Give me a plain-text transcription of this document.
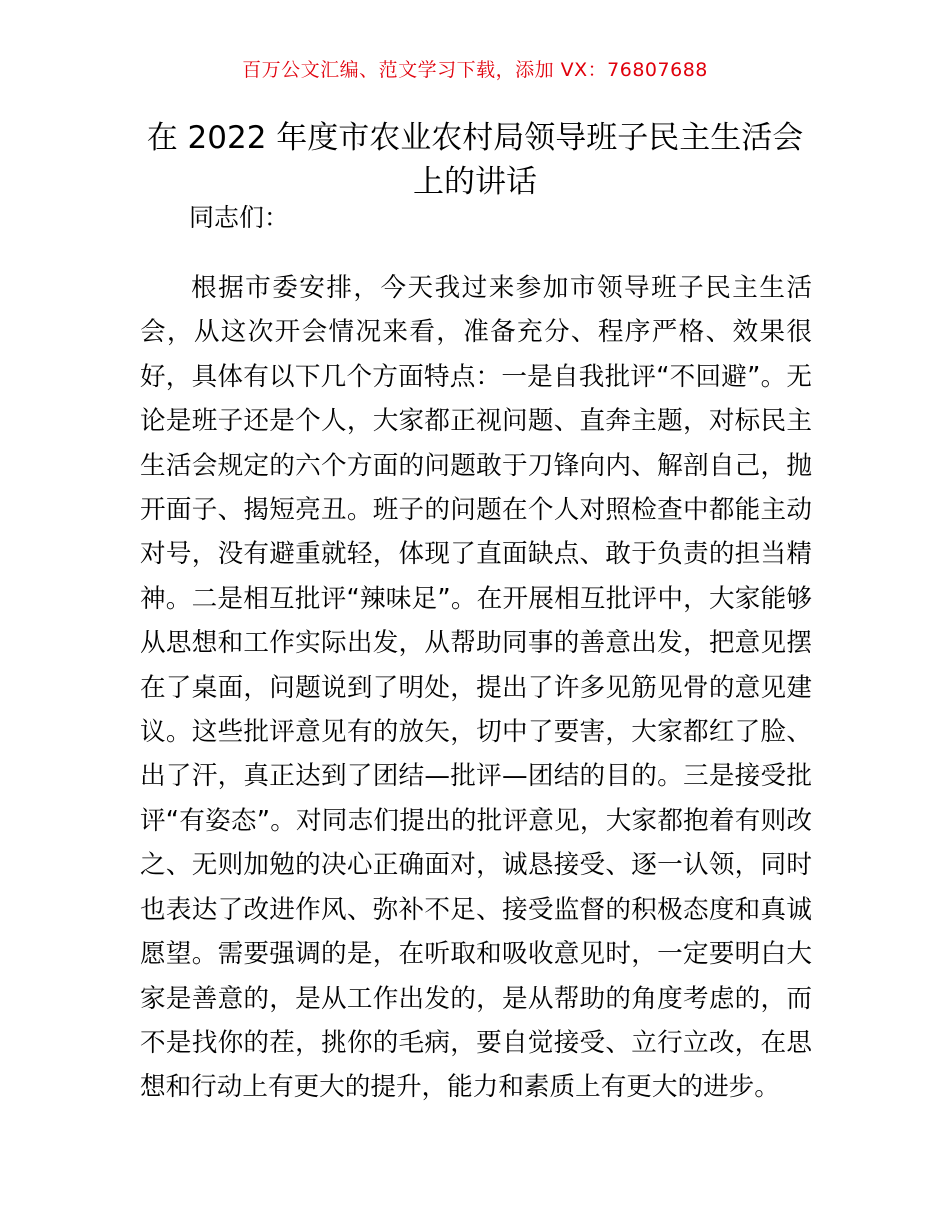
百万公文汇编、范文学习下载，添加 VX：76807688
在 2022 年度市农业农村局领导班子民主生活会上的讲话
同志们：

根据市委安排，今天我过来参加市领导班子民主生活会，从这次开会情况来看，准备充分、程序严格、效果很好，具体有以下几个方面特点：一是自我批评“不回避”。无论是班子还是个人，大家都正视问题、直奔主题，对标民主生活会规定的六个方面的问题敢于刀锋向内、解剖自己，抛开面子、揭短亮丑。班子的问题在个人对照检查中都能主动对号，没有避重就轻，体现了直面缺点、敢于负责的担当精神。二是相互批评“辣味足”。在开展相互批评中，大家能够从思想和工作实际出发，从帮助同事的善意出发，把意见摆在了桌面，问题说到了明处，提出了许多见筋见骨的意见建议。这些批评意见有的放矢，切中了要害，大家都红了脸、出了汗，真正达到了团结—批评—团结的目的。三是接受批评“有姿态”。对同志们提出的批评意见，大家都抱着有则改之、无则加勉的决心正确面对，诚恳接受、逐一认领，同时也表达了改进作风、弥补不足、接受监督的积极态度和真诚愿望。需要强调的是，在听取和吸收意见时，一定要明白大家是善意的，是从工作出发的，是从帮助的角度考虑的，而不是找你的茬，挑你的毛病，要自觉接受、立行立改，在思想和行动上有更大的提升，能力和素质上有更大的进步。
